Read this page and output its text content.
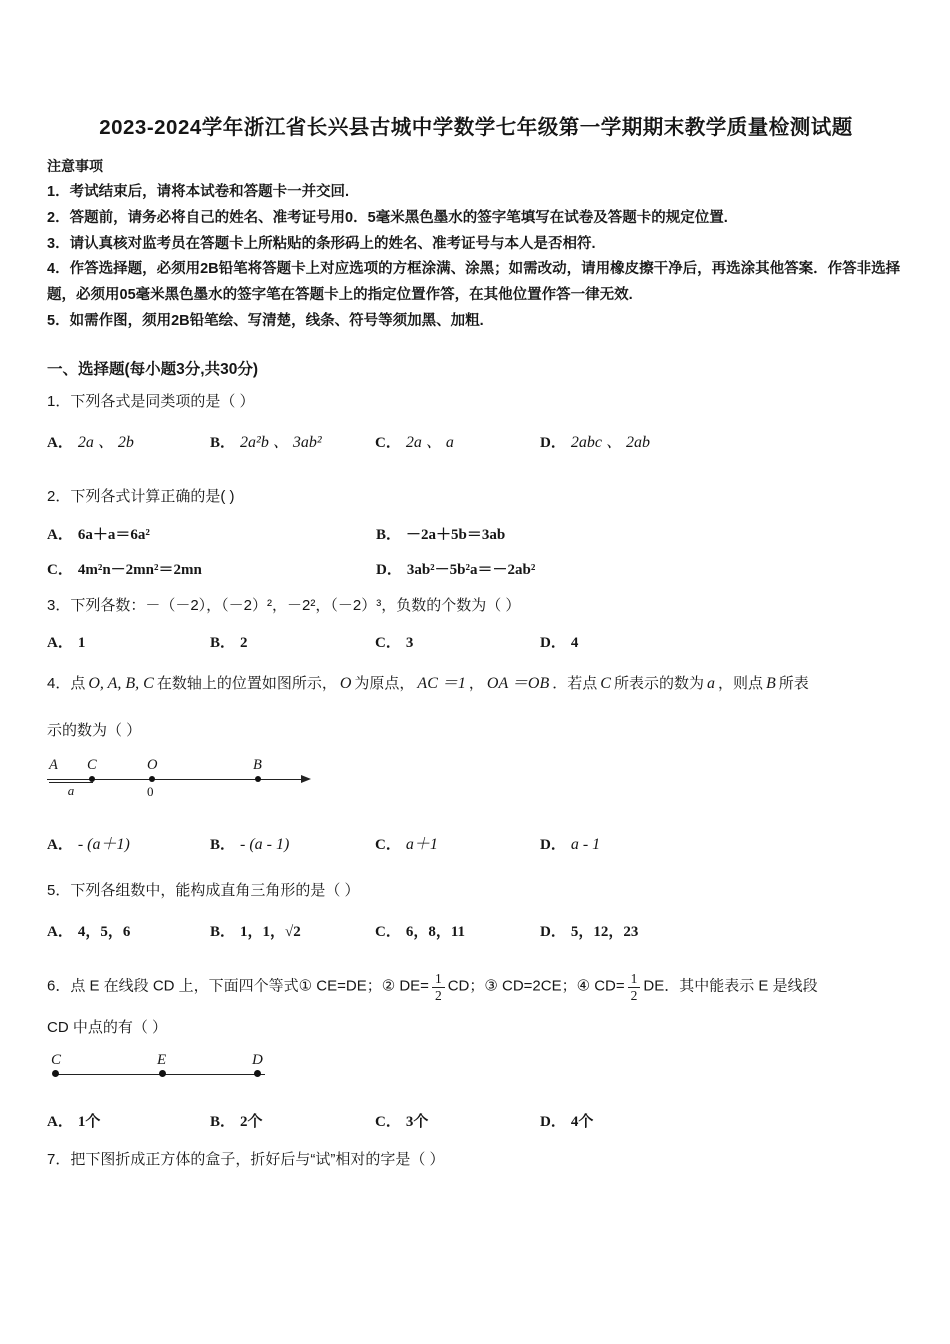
2023-2024学年浙江省长兴县古城中学数学七年级第一学期期末教学质量检测试题

注意事项

1．考试结束后，请将本试卷和答题卡一并交回.

2．答题前，请务必将自己的姓名、准考证号用0．5毫米黑色墨水的签字笔填写在试卷及答题卡的规定位置.

3．请认真核对监考员在答题卡上所粘贴的条形码上的姓名、准考证号与本人是否相符.

4．作答选择题，必须用2B铅笔将答题卡上对应选项的方框涂满、涂黑；如需改动，请用橡皮擦干净后，再选涂其他答案．作答非选择题，必须用05毫米黑色墨水的签字笔在答题卡上的指定位置作答，在其他位置作答一律无效.

5．如需作图，须用2B铅笔绘、写清楚，线条、符号等须加黑、加粗.

一、选择题(每小题3分,共30分)

1．下列各式是同类项的是（ ）

A． 2a 、 2b	B． 2a²b 、 3ab²	C． 2a 、 a	D． 2abc 、 2ab

2．下列各式计算正确的是( )

A． 6a＋a＝6a²	B． －2a＋5b＝3ab
C． 4m²n－2mn²＝2mn	D． 3ab²－5b²a＝－2ab²

3．下列各数：－（－2），（－2）²，－2²，（－2）³，负数的个数为（ ）

A． 1	B． 2	C． 3	D． 4

4．点 O, A, B, C 在数轴上的位置如图所示， O 为原点， AC ＝1 ， OA ＝OB ．若点 C 所表示的数为 a ，则点 B 所表

示的数为（ ）

A C	O	B
a	0
A． - (a＋1)	B． - (a - 1)	C． a＋1	D． a - 1

5．下列各组数中，能构成直角三角形的是（ ）

A． 4，5，6	B． 1，1，√2	C． 6，8，11	D． 5，12，23

6．点 E 在线段 CD 上，下面四个等式① CE=DE；② $DE= \frac{1}{2}$ CD；③ CD=2CE；④ $CD= \frac{1}{2}$ DE．其中能表示 E 是线段

CD 中点的有（ ）

C	E	D
A． 1个	B． 2个	C． 3个	D． 4个

7．把下图折成正方体的盒子，折好后与“试”相对的字是（ ）
